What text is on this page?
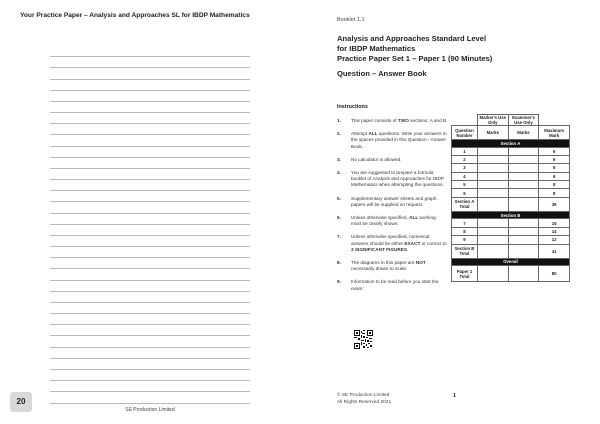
Your Practice Paper – Analysis and Approaches SL for IBDP Mathematics
20
SE Production Limited
Booklet 1.1
Analysis and Approaches Standard Level
for IBDP Mathematics
Practice Paper Set 1 – Paper 1 (90 Minutes)
Question – Answer Book
Instructions
1.	This paper consists of TWO sections: A and B
2.	Attempt ALL questions. Write your answers in the spaces provided in this Question - Answer Book.
3.	No calculator is allowed.
4.	You are suggested to prepare a formula booklet of Analysis and Approaches for IBDP Mathematics when attempting the questions.
5.	Supplementary answer sheets and graph papers will be supplied on request.
6.	Unless otherwise specified, ALL working must be clearly shown.
7.	Unless otherwise specified, numerical answers should be either EXACT or correct to 3 SIGNIFICANT FIGURES.
8.	The diagrams in this paper are NOT necessarily drawn to scale.
9.	Information to be read before you start the exam:
	Marker's Use Only	Examiner's Use Only	
Question Number	Marks	Marks	Maximum Mark
Section A			
1			6
2			6
3			5
4			6
5			8
6			8
Section A Total			39
Section B			
7			15
8			14
9			12
Section B Total			41
Overall			
Paper 1 Total			80
© SE Production Limited
All Rights Reserved 2021
1
